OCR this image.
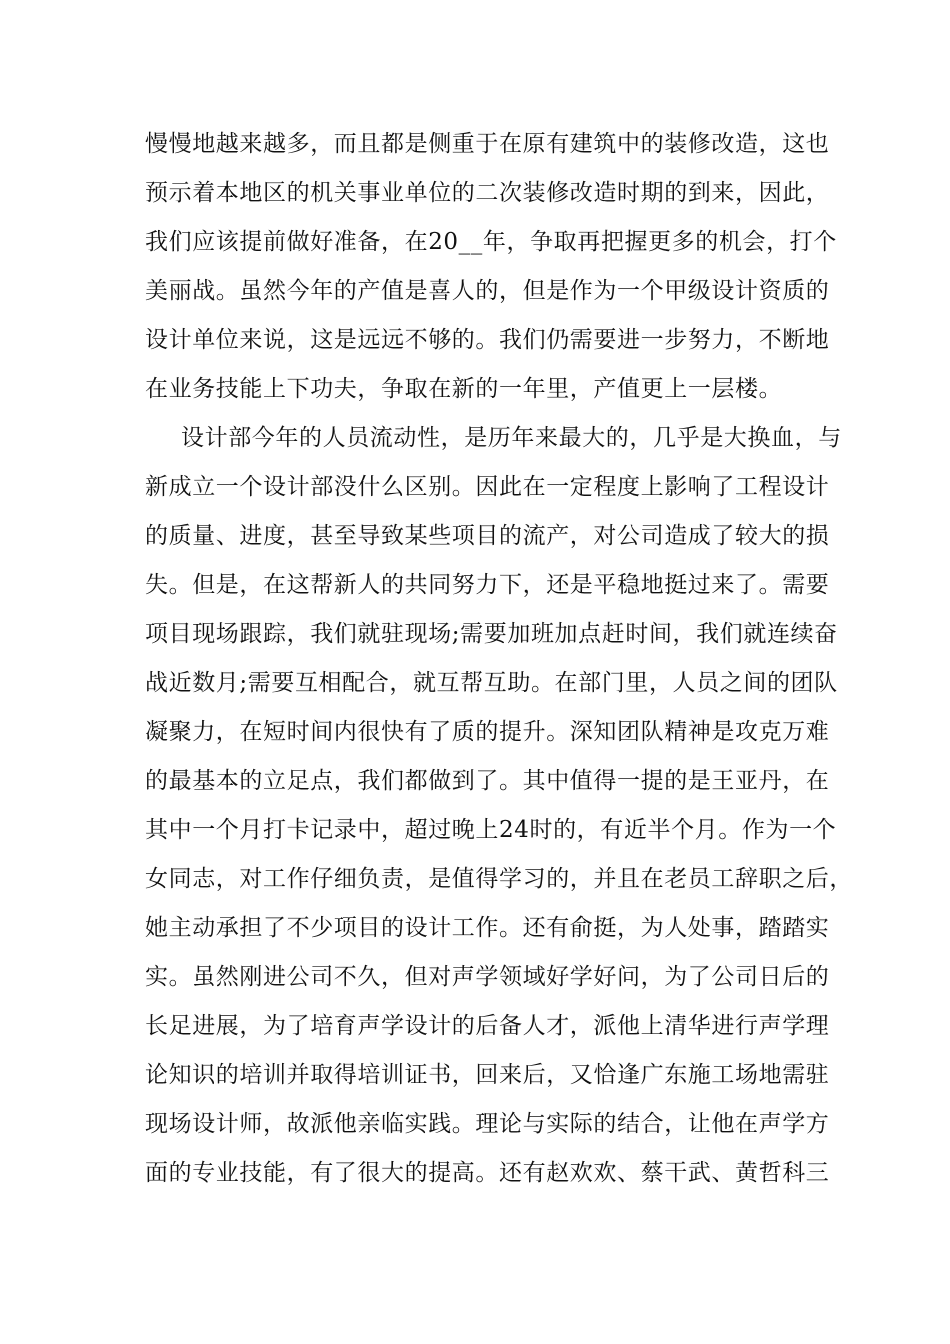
慢慢地越来越多，而且都是侧重于在原有建筑中的装修改造，这也
预示着本地区的机关事业单位的二次装修改造时期的到来，因此，
我们应该提前做好准备，在20__年，争取再把握更多的机会，打个
美丽战。虽然今年的产值是喜人的，但是作为一个甲级设计资质的
设计单位来说，这是远远不够的。我们仍需要进一步努力，不断地
在业务技能上下功夫，争取在新的一年里，产值更上一层楼。
设计部今年的人员流动性，是历年来最大的，几乎是大换血，与
新成立一个设计部没什么区别。因此在一定程度上影响了工程设计
的质量、进度，甚至导致某些项目的流产，对公司造成了较大的损
失。但是，在这帮新人的共同努力下，还是平稳地挺过来了。需要
项目现场跟踪，我们就驻现场;需要加班加点赶时间，我们就连续奋
战近数月;需要互相配合，就互帮互助。在部门里，人员之间的团队
凝聚力，在短时间内很快有了质的提升。深知团队精神是攻克万难
的最基本的立足点，我们都做到了。其中值得一提的是王亚丹，在
其中一个月打卡记录中，超过晚上24时的，有近半个月。作为一个
女同志，对工作仔细负责，是值得学习的，并且在老员工辞职之后，
她主动承担了不少项目的设计工作。还有俞挺，为人处事，踏踏实
实。虽然刚进公司不久，但对声学领域好学好问，为了公司日后的
长足进展，为了培育声学设计的后备人才，派他上清华进行声学理
论知识的培训并取得培训证书，回来后，又恰逢广东施工场地需驻
现场设计师，故派他亲临实践。理论与实际的结合，让他在声学方
面的专业技能，有了很大的提高。还有赵欢欢、蔡干武、黄哲科三
